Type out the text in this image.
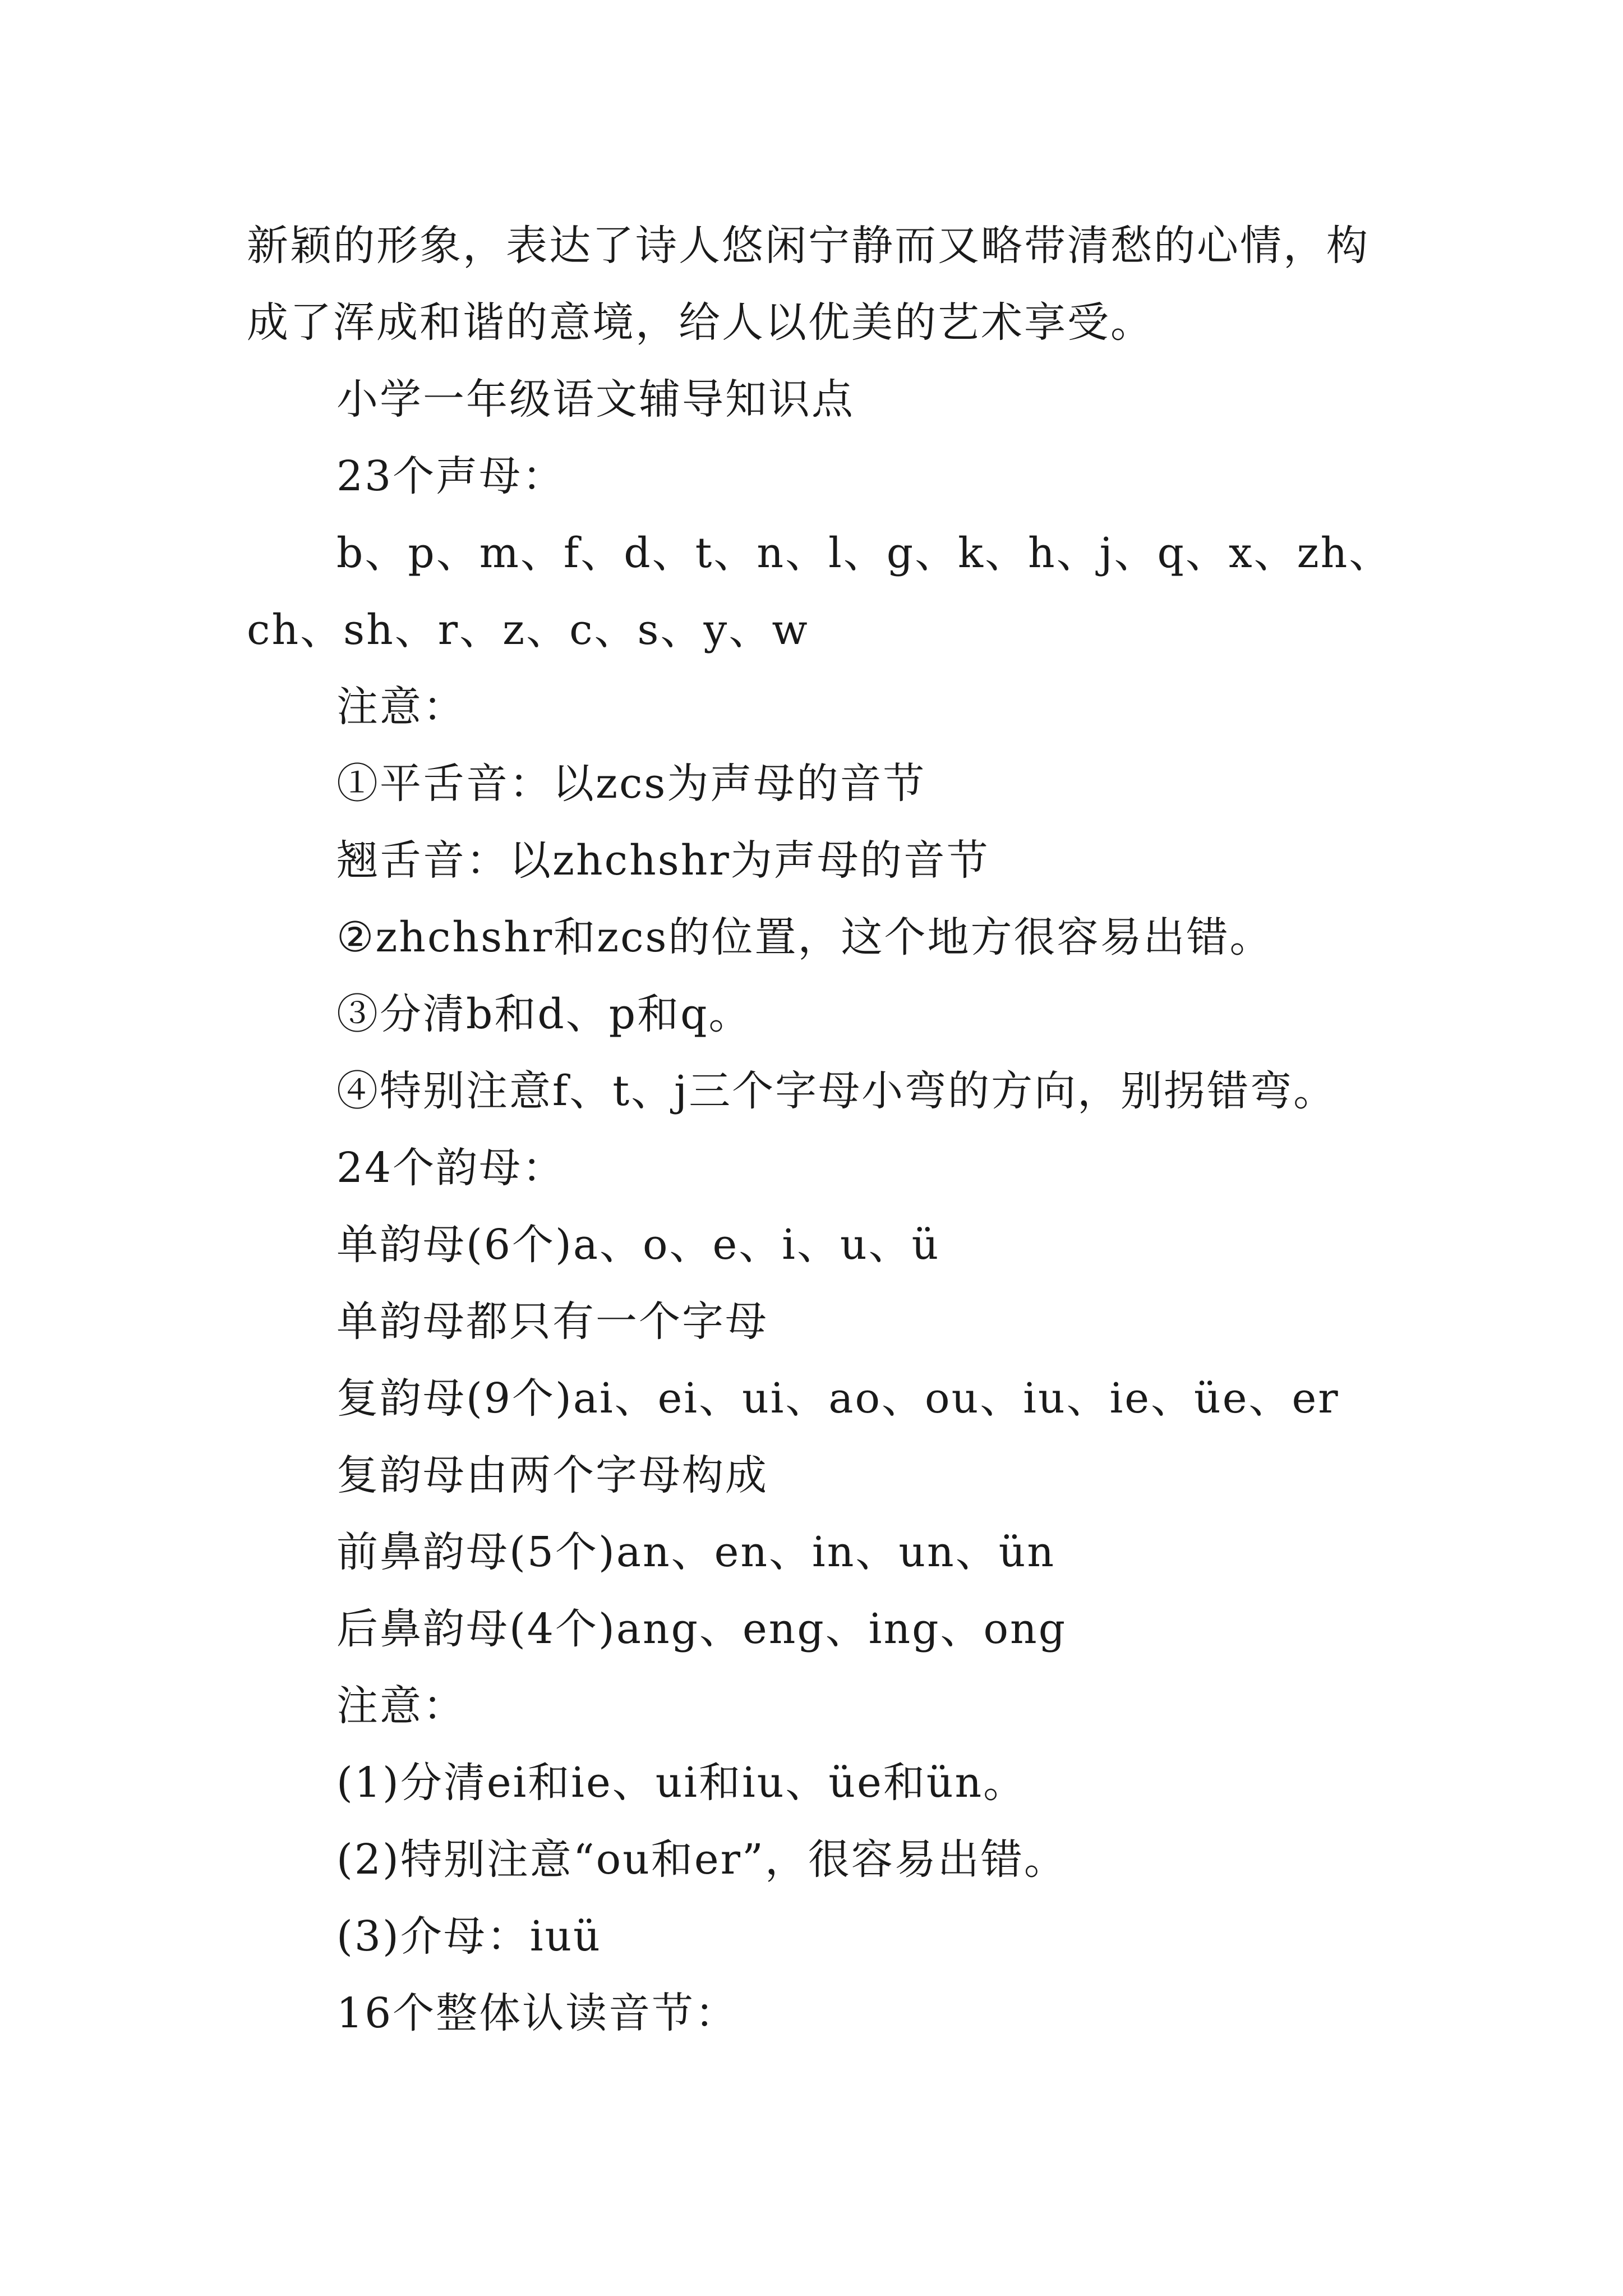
新颖的形象，表达了诗人悠闲宁静而又略带清愁的心情，构
成了浑成和谐的意境，给人以优美的艺术享受。
小学一年级语文辅导知识点
23个声母：
b、p、m、f、d、t、n、l、g、k、h、j、q、x、zh、
ch、sh、r、z、c、s、y、w
注意：
①平舌音：以zcs为声母的音节
翘舌音：以zhchshr为声母的音节
②zhchshr和zcs的位置，这个地方很容易出错。
③分清b和d、p和q。
④特别注意f、t、j三个字母小弯的方向，别拐错弯。
24个韵母：
单韵母(6个)a、o、e、i、u、ü
单韵母都只有一个字母
复韵母(9个)ai、ei、ui、ao、ou、iu、ie、üe、er
复韵母由两个字母构成
前鼻韵母(5个)an、en、in、un、ün
后鼻韵母(4个)ang、eng、ing、ong
注意：
(1)分清ei和ie、ui和iu、üe和ün。
(2)特别注意“ou和er”，很容易出错。
(3)介母：iuü
16个整体认读音节：
